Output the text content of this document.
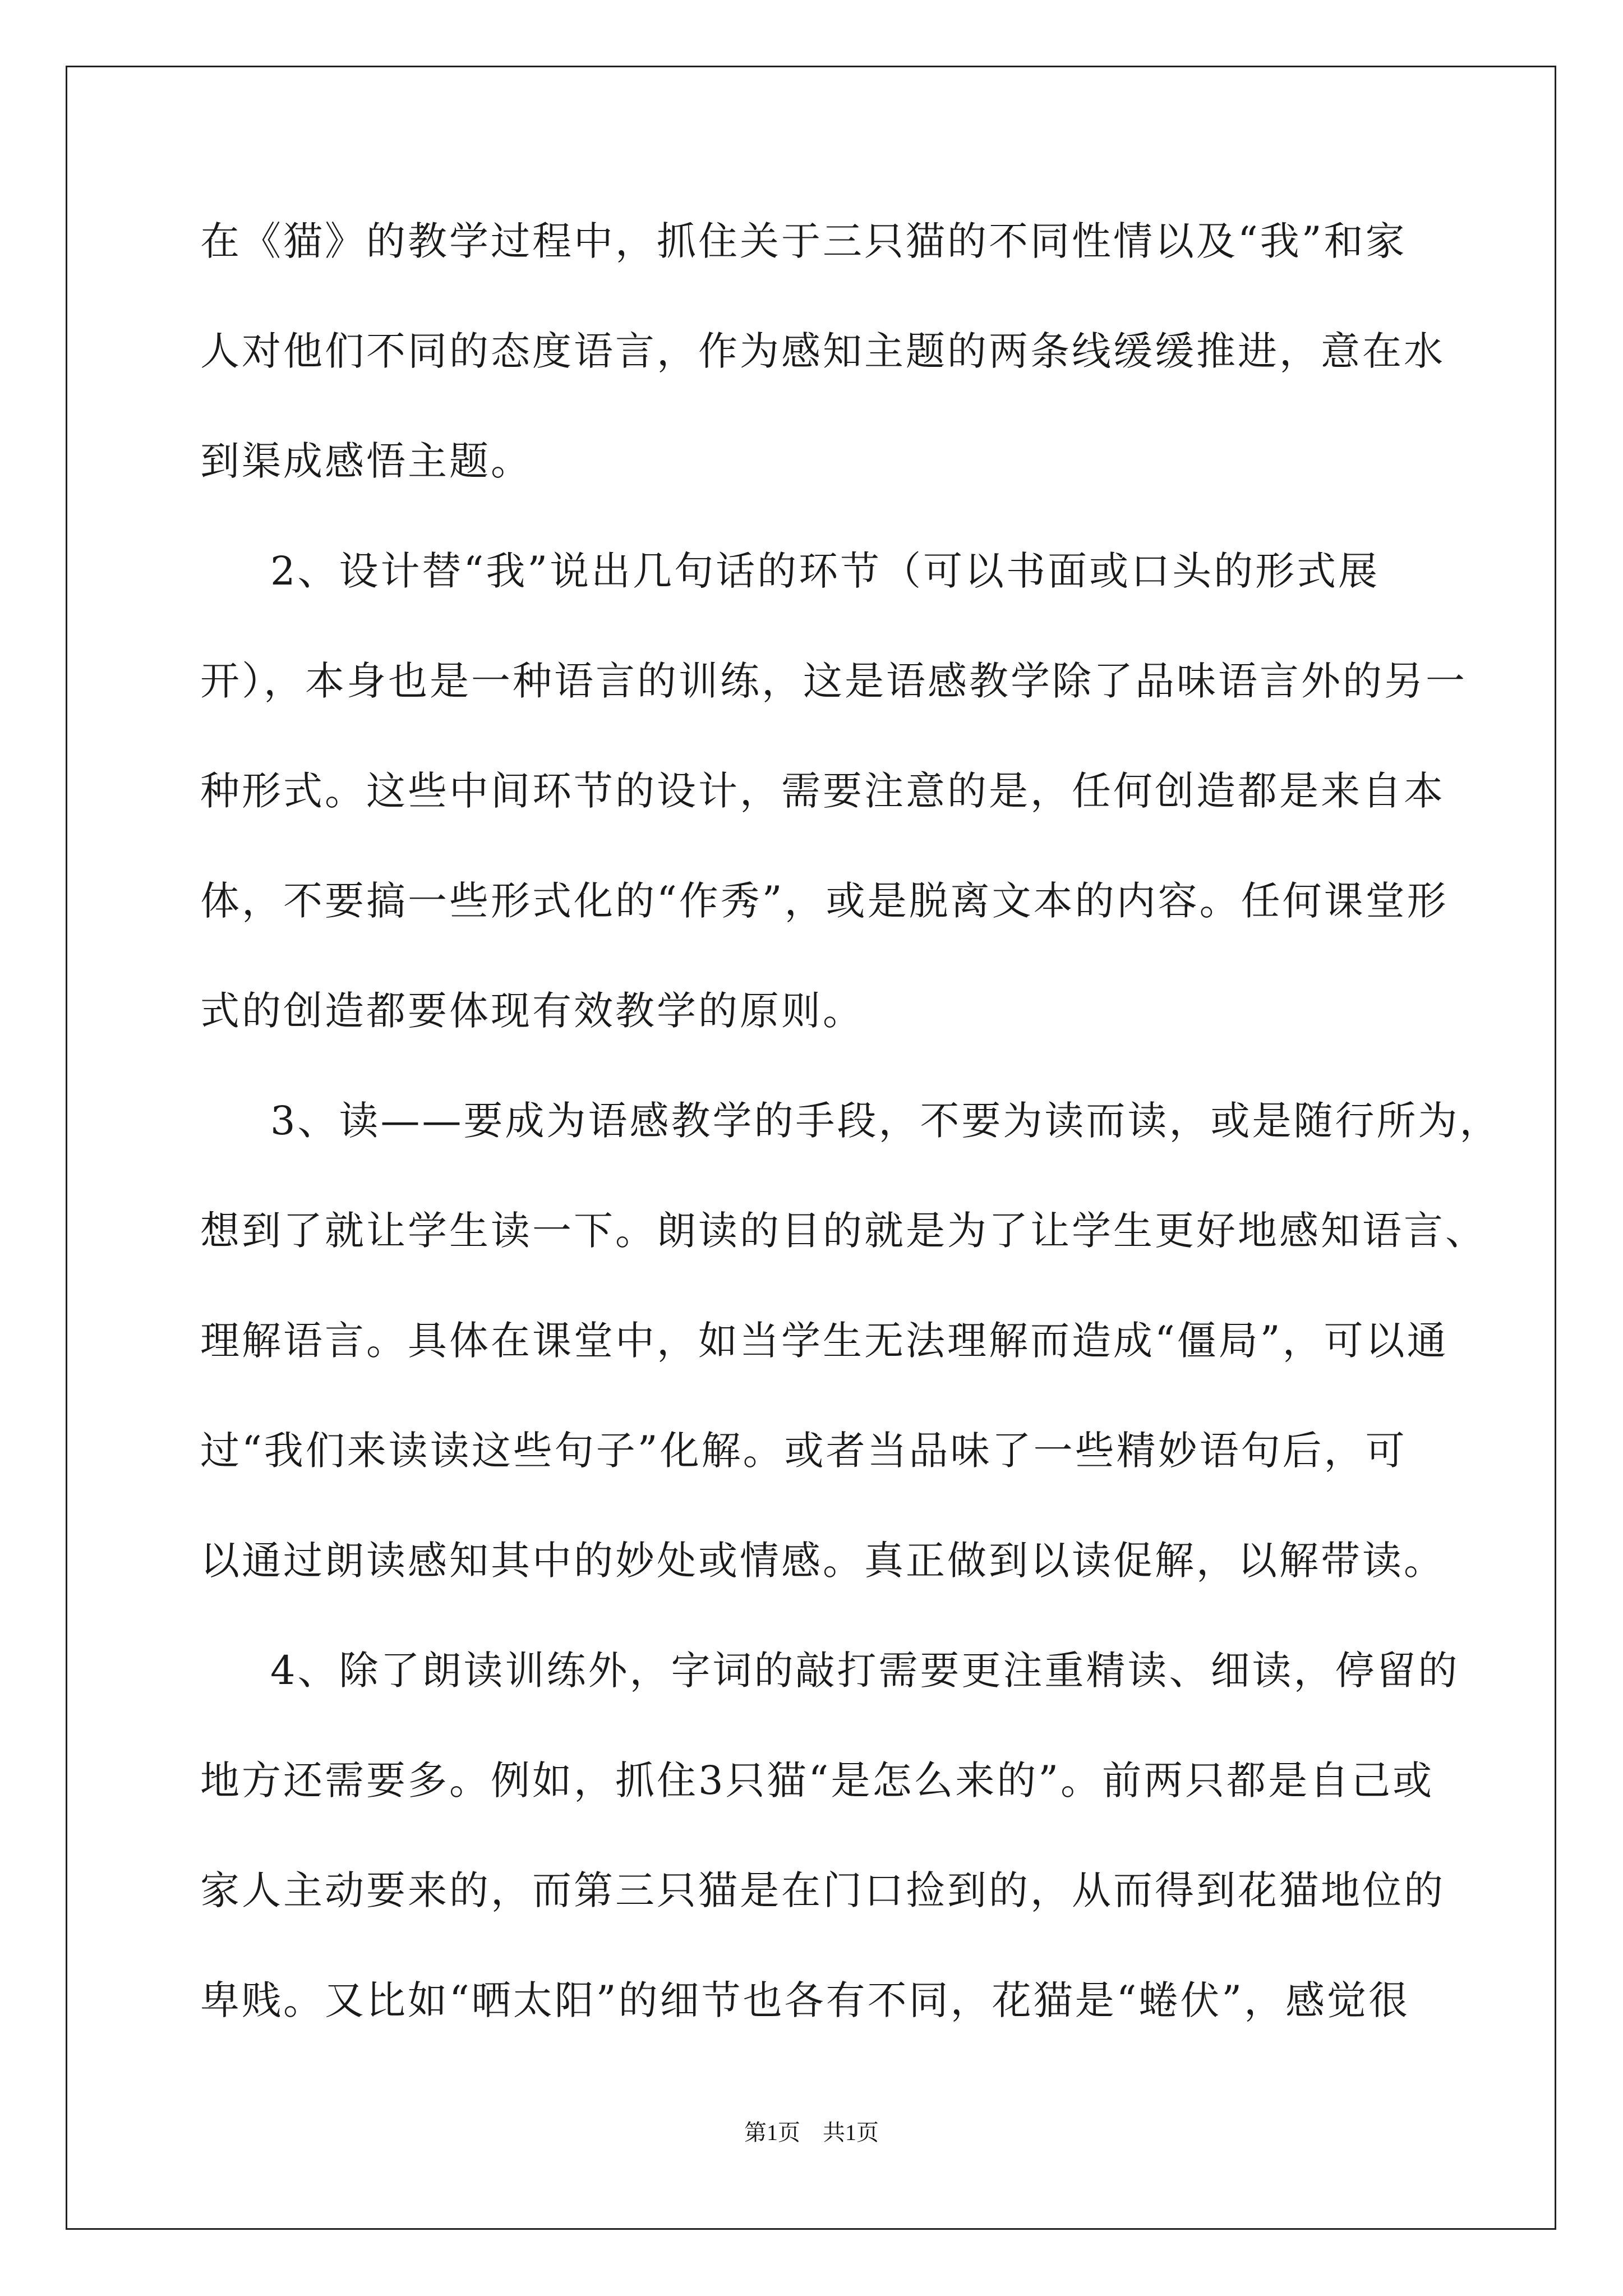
在《猫》的教学过程中，抓住关于三只猫的不同性情以及“我”和家
人对他们不同的态度语言，作为感知主题的两条线缓缓推进，意在水
到渠成感悟主题。
2、设计替“我”说出几句话的环节（可以书面或口头的形式展
开），本身也是一种语言的训练，这是语感教学除了品味语言外的另一
种形式。这些中间环节的设计，需要注意的是，任何创造都是来自本
体，不要搞一些形式化的“作秀”，或是脱离文本的内容。任何课堂形
式的创造都要体现有效教学的原则。
3、读——要成为语感教学的手段，不要为读而读，或是随行所为，
想到了就让学生读一下。朗读的目的就是为了让学生更好地感知语言、
理解语言。具体在课堂中，如当学生无法理解而造成“僵局”，可以通
过“我们来读读这些句子”化解。或者当品味了一些精妙语句后，可
以通过朗读感知其中的妙处或情感。真正做到以读促解，以解带读。
4、除了朗读训练外，字词的敲打需要更注重精读、细读，停留的
地方还需要多。例如，抓住3只猫“是怎么来的”。前两只都是自己或
家人主动要来的，而第三只猫是在门口捡到的，从而得到花猫地位的
卑贱。又比如“晒太阳”的细节也各有不同，花猫是“蜷伏”，感觉很
第1页　共1页
